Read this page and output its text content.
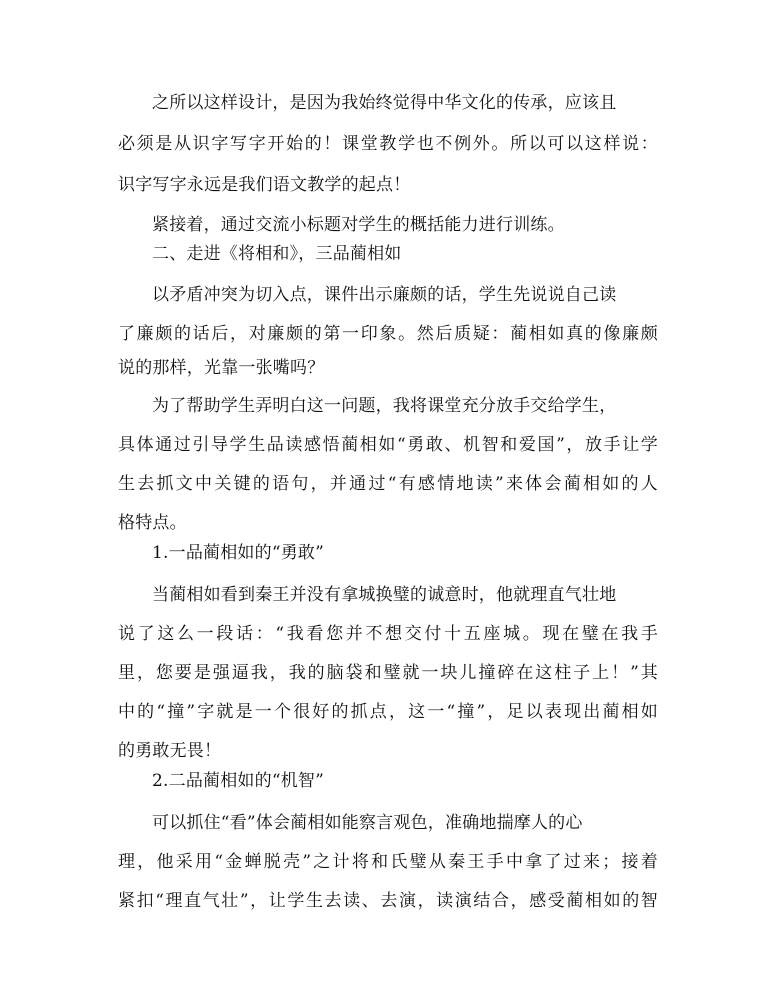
之所以这样设计，是因为我始终觉得中华文化的传承，应该且
必须是从识字写字开始的！课堂教学也不例外。所以可以这样说：
识字写字永远是我们语文教学的起点！
紧接着，通过交流小标题对学生的概括能力进行训练。
二、走进《将相和》，三品蔺相如
以矛盾冲突为切入点，课件出示廉颇的话，学生先说说自己读
了廉颇的话后，对廉颇的第一印象。然后质疑：蔺相如真的像廉颇
说的那样，光靠一张嘴吗？
为了帮助学生弄明白这一问题，我将课堂充分放手交给学生，
具体通过引导学生品读感悟蔺相如“勇敢、机智和爱国”，放手让学
生去抓文中关键的语句，并通过“有感情地读”来体会蔺相如的人
格特点。
1.一品蔺相如的“勇敢”
当蔺相如看到秦王并没有拿城换璧的诚意时，他就理直气壮地
说了这么一段话：“我看您并不想交付十五座城。现在璧在我手
里，您要是强逼我，我的脑袋和璧就一块儿撞碎在这柱子上！”其
中的“撞”字就是一个很好的抓点，这一“撞”，足以表现出蔺相如
的勇敢无畏！
2.二品蔺相如的“机智”
可以抓住“看”体会蔺相如能察言观色，准确地揣摩人的心
理，他采用“金蝉脱壳”之计将和氏璧从秦王手中拿了过来；接着
紧扣“理直气壮”，让学生去读、去演，读演结合，感受蔺相如的智
